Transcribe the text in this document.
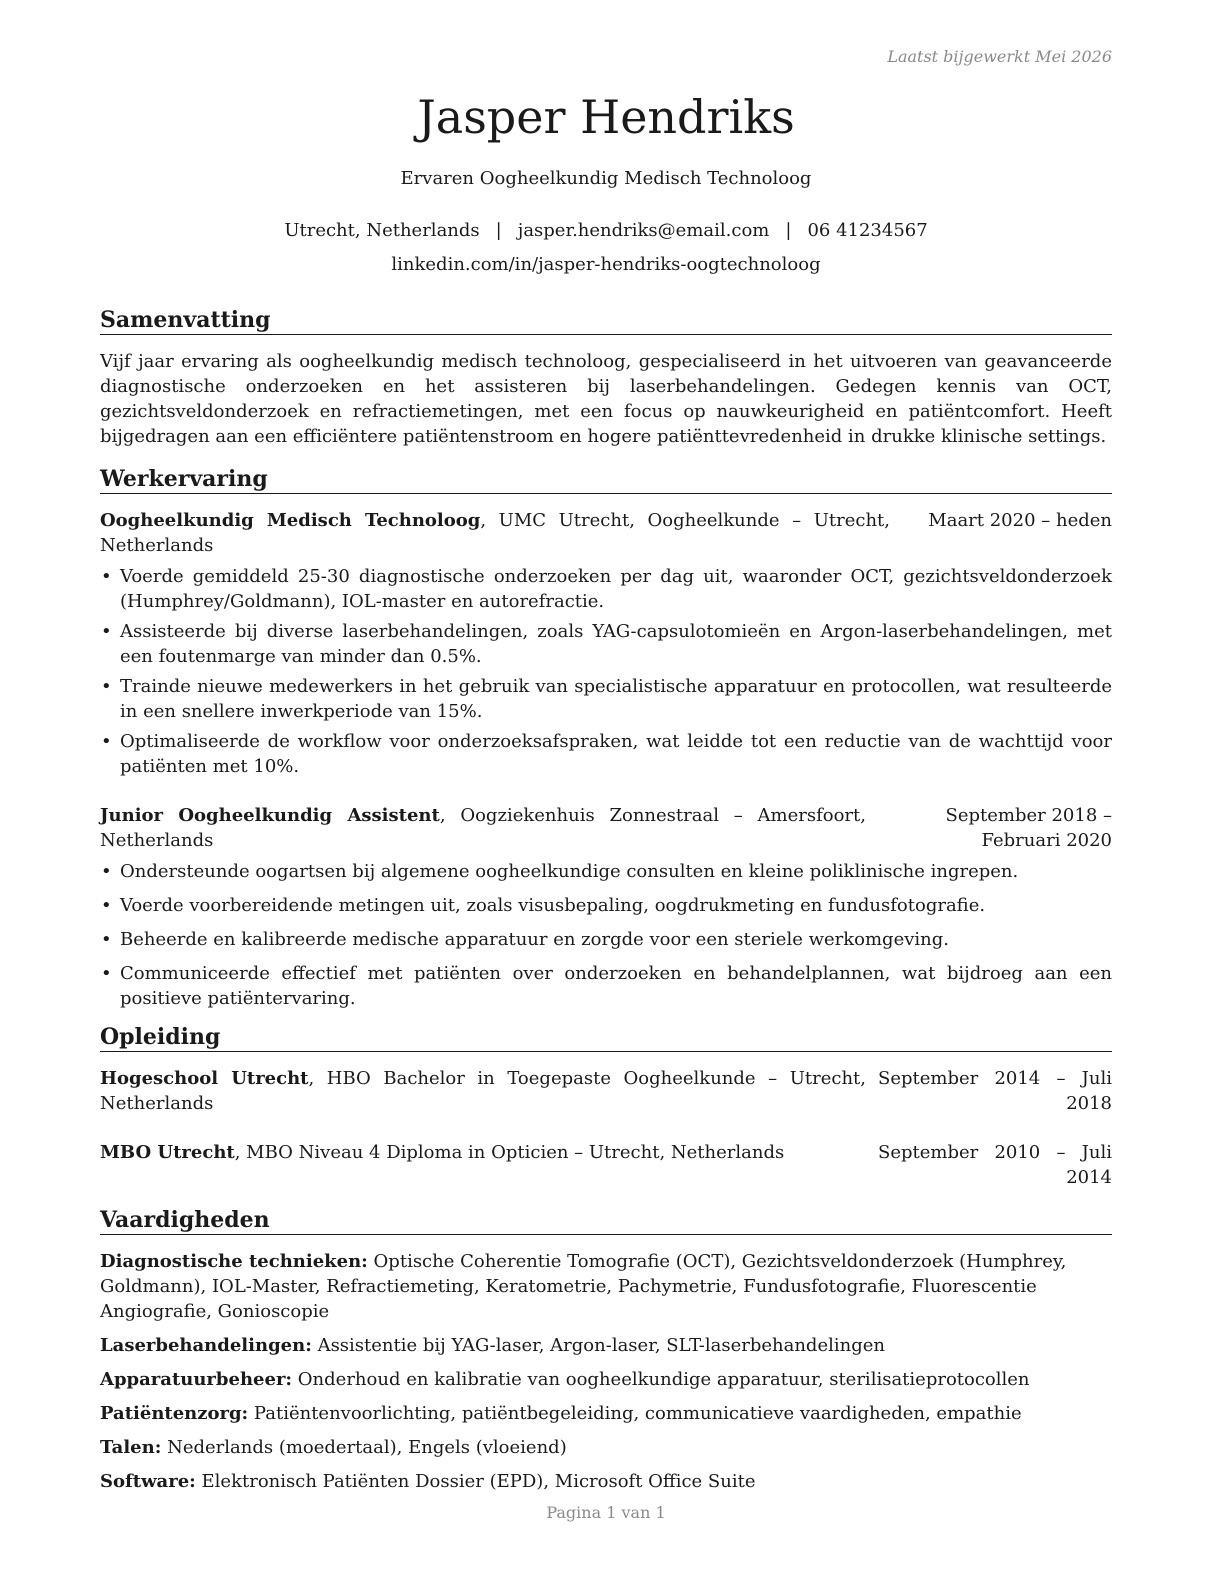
Laatst bijgewerkt Mei 2026
Jasper Hendriks
Ervaren Oogheelkundig Medisch Technoloog
Utrecht, Netherlands | jasper.hendriks@email.com | 06 41234567
linkedin.com/in/jasper-hendriks-oogtechnoloog
Samenvatting
Vijf jaar ervaring als oogheelkundig medisch technoloog, gespecialiseerd in het uitvoeren van geavanceerde diagnostische onderzoeken en het assisteren bij laserbehandelingen. Gedegen kennis van OCT, gezichtsveldonderzoek en refractiemetingen, met een focus op nauwkeurigheid en patiëntcomfort. Heeft bijgedragen aan een efficiëntere patiëntenstroom en hogere patiënttevredenheid in drukke klinische settings.
Werkervaring
Oogheelkundig Medisch Technoloog, UMC Utrecht, Oogheelkunde – Utrecht, Netherlands
Maart 2020 – heden
• Voerde gemiddeld 25-30 diagnostische onderzoeken per dag uit, waaronder OCT, gezichtsveldonderzoek (Humphrey/Goldmann), IOL-master en autorefractie.
• Assisteerde bij diverse laserbehandelingen, zoals YAG-capsulotomieën en Argon-laserbehandelingen, met een foutenmarge van minder dan 0.5%.
• Trainde nieuwe medewerkers in het gebruik van specialistische apparatuur en protocollen, wat resulteerde in een snellere inwerkperiode van 15%.
• Optimaliseerde de workflow voor onderzoeksafspraken, wat leidde tot een reductie van de wachttijd voor patiënten met 10%.
Junior Oogheelkundig Assistent, Oogziekenhuis Zonnestraal – Amersfoort, Netherlands
September 2018 – Februari 2020
• Ondersteunde oogartsen bij algemene oogheelkundige consulten en kleine poliklinische ingrepen.
• Voerde voorbereidende metingen uit, zoals visusbepaling, oogdrukmeting en fundusfotografie.
• Beheerde en kalibreerde medische apparatuur en zorgde voor een steriele werkomgeving.
• Communiceerde effectief met patiënten over onderzoeken en behandelplannen, wat bijdroeg aan een positieve patiëntervaring.
Opleiding
Hogeschool Utrecht, HBO Bachelor in Toegepaste Oogheelkunde – Utrecht, Netherlands
September 2014 – Juli 2018
MBO Utrecht, MBO Niveau 4 Diploma in Opticien – Utrecht, Netherlands	September 2010 – Juli 2014
Vaardigheden
Diagnostische technieken: Optische Coherentie Tomografie (OCT), Gezichtsveldonderzoek (Humphrey, Goldmann), IOL-Master, Refractiemeting, Keratometrie, Pachymetrie, Fundusfotografie, Fluorescentie Angiografie, Gonioscopie
Laserbehandelingen: Assistentie bij YAG-laser, Argon-laser, SLT-laserbehandelingen
Apparatuurbeheer: Onderhoud en kalibratie van oogheelkundige apparatuur, sterilisatieprotocollen
Patiëntenzorg: Patiëntenvoorlichting, patiëntbegeleiding, communicatieve vaardigheden, empathie
Talen: Nederlands (moedertaal), Engels (vloeiend)
Software: Elektronisch Patiënten Dossier (EPD), Microsoft Office Suite
Pagina 1 van 1
